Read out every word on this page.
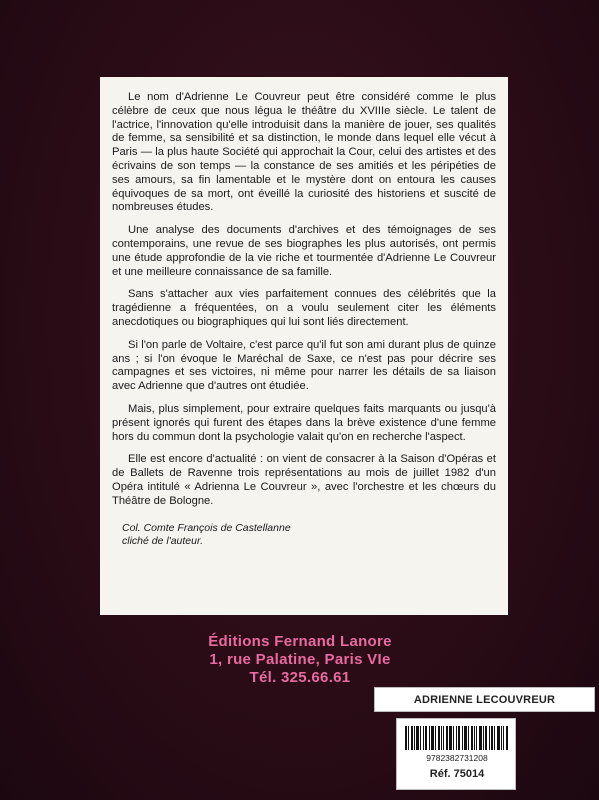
Le nom d'Adrienne Le Couvreur peut être considéré comme le plus célèbre de ceux que nous légua le théâtre du XVIIIe siècle. Le talent de l'actrice, l'innovation qu'elle introduisit dans la manière de jouer, ses qualités de femme, sa sensibilité et sa distinction, le monde dans lequel elle vécut à Paris — la plus haute Société qui approchait la Cour, celui des artistes et des écrivains de son temps — la constance de ses amitiés et les péripéties de ses amours, sa fin lamentable et le mystère dont on entoura les causes équivoques de sa mort, ont éveillé la curiosité des historiens et suscité de nombreuses études.

Une analyse des documents d'archives et des témoignages de ses contemporains, une revue de ses biographes les plus autorisés, ont permis une étude approfondie de la vie riche et tourmentée d'Adrienne Le Couvreur et une meilleure connaissance de sa famille.

Sans s'attacher aux vies parfaitement connues des célébrités que la tragédienne a fréquentées, on a voulu seulement citer les éléments anecdotiques ou biographiques qui lui sont liés directement.

Si l'on parle de Voltaire, c'est parce qu'il fut son ami durant plus de quinze ans ; si l'on évoque le Maréchal de Saxe, ce n'est pas pour décrire ses campagnes et ses victoires, ni même pour narrer les détails de sa liaison avec Adrienne que d'autres ont étudiée.

Mais, plus simplement, pour extraire quelques faits marquants ou jusqu'à présent ignorés qui furent des étapes dans la brève existence d'une femme hors du commun dont la psychologie valait qu'on en recherche l'aspect.

Elle est encore d'actualité : on vient de consacrer à la Saison d'Opéras et de Ballets de Ravenne trois représentations au mois de juillet 1982 d'un Opéra intitulé « Adrienna Le Couvreur », avec l'orchestre et les chœurs du Théâtre de Bologne.

Col. Comte François de Castellanne
cliché de l'auteur.
Éditions Fernand Lanore
1, rue Palatine, Paris VIe
Tél. 325.66.61
ADRIENNE LECOUVREUR
9782382731208
Réf. 75014
